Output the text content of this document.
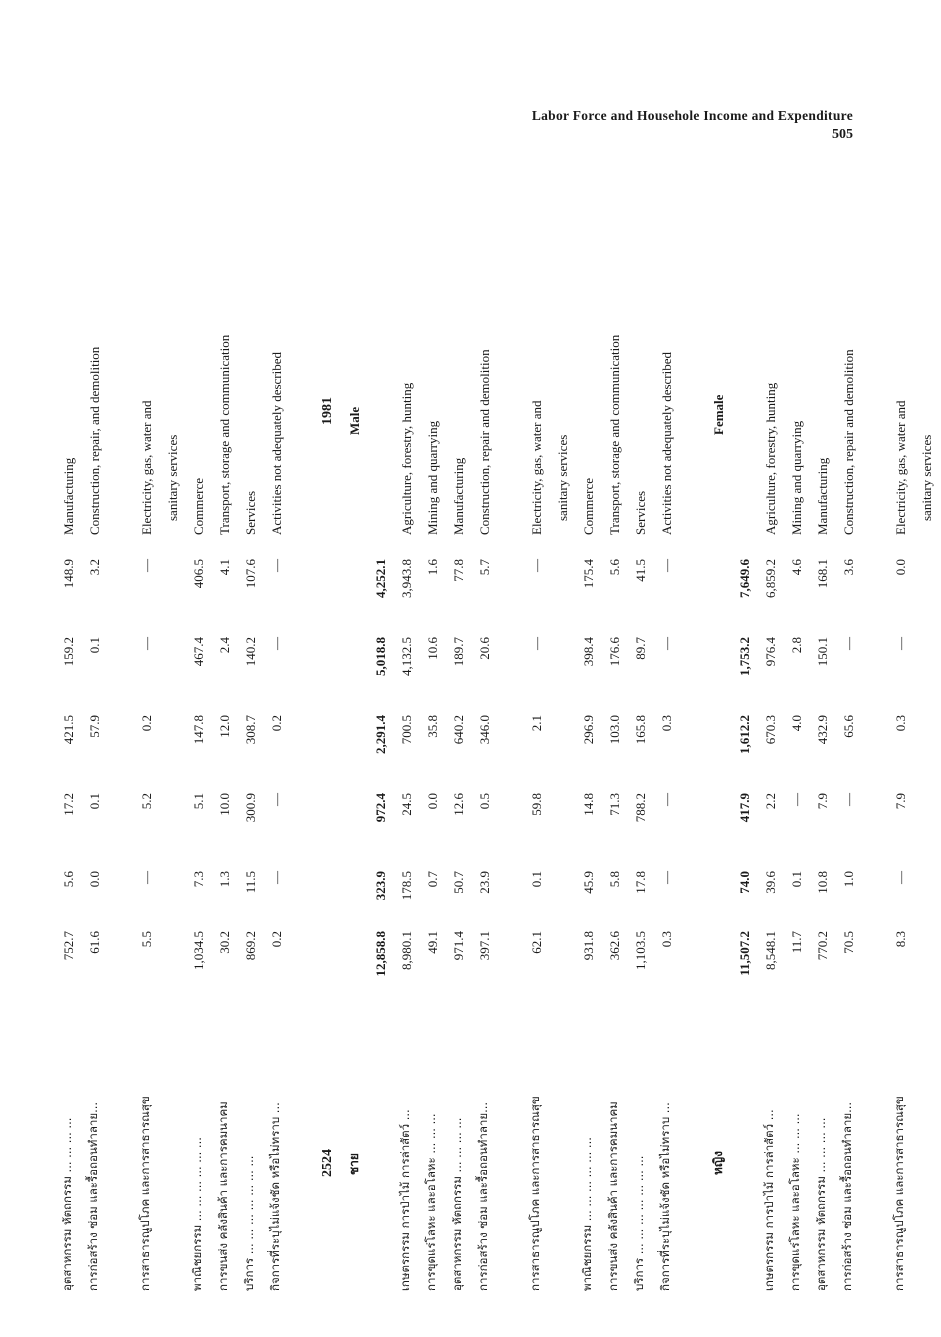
Labor Force and Househole Income and Expenditure
505
อุตสาหกรรม หัตถกรรม ... ... ... ...	752.7	5.6	17.2	421.5	159.2	148.9	Manufacturing
การก่อสร้าง ซ่อม และรื้อถอนทำลาย...	61.6	0.0	0.1	57.9	0.1	3.2	Construction, repair, and demolition

การสาธารณูปโภค และการสาธารณสุข	5.5	—	5.2	0.2	—	—	Electricity, gas, water and
							sanitary services
พาณิชยกรรม ... ... ... ... ... ...	1,034.5	7.3	5.1	147.8	467.4	406.5	Commerce
การขนส่ง คลังสินค้า และการคมนาคม	30.2	1.3	10.0	12.0	2.4	4.1	Transport, storage and communication
บริการ ... ... ... ... ... ... ...	869.2	11.5	300.9	308.7	140.2	107.6	Services
กิจการที่ระบุไม่แจ้งชัด หรือไม่ทราบ ...	0.2	—	—	0.2	—	—	Activities not adequately described

2524							1981
ชาย							Male
	12,858.8	323.9	972.4	2,291.4	5,018.8	4,252.1	
เกษตรกรรม การป่าไม้ การล่าสัตว์ ...	8,980.1	178.5	24.5	700.5	4,132.5	3,943.8	Agriculture, forestry, hunting
การขุดแร่โลหะ และอโลหะ ... ... ...	49.1	0.7	0.0	35.8	10.6	1.6	Mining and quarrying
อุตสาหกรรม หัตถกรรม ... ... ... ...	971.4	50.7	12.6	640.2	189.7	77.8	Manufacturing
การก่อสร้าง ซ่อม และรื้อถอนทำลาย...	397.1	23.9	0.5	346.0	20.6	5.7	Construction, repair and demolition

การสาธารณูปโภค และการสาธารณสุข	62.1	0.1	59.8	2.1	—	—	Electricity, gas, water and
							sanitary services
พาณิชยกรรม ... ... ... ... ... ...	931.8	45.9	14.8	296.9	398.4	175.4	Commerce
การขนส่ง คลังสินค้า และการคมนาคม	362.6	5.8	71.3	103.0	176.6	5.6	Transport, storage and communication
บริการ ... ... ... ... ... ... ...	1,103.5	17.8	788.2	165.8	89.7	41.5	Services
กิจการที่ระบุไม่แจ้งชัด หรือไม่ทราบ ...	0.3	—	—	0.3	—	—	Activities not adequately described

หญิง							Female
	11,507.2	74.0	417.9	1,612.2	1,753.2	7,649.6	
เกษตรกรรม การป่าไม้ การล่าสัตว์ ...	8,548.1	39.6	2.2	670.3	976.4	6,859.2	Agriculture, forestry, hunting
การขุดแร่โลหะ และอโลหะ ... ... ...	11.7	0.1	—	4.0	2.8	4.6	Mining and quarrying
อุตสาหกรรม หัตถกรรม ... ... ... ...	770.2	10.8	7.9	432.9	150.1	168.1	Manufacturing
การก่อสร้าง ซ่อม และรื้อถอนทำลาย...	70.5	1.0	—	65.6	—	3.6	Construction, repair and demolition

การสาธารณูปโภค และการสาธารณสุข	8.3	—	7.9	0.3	—	0.0	Electricity, gas, water and
							sanitary services
